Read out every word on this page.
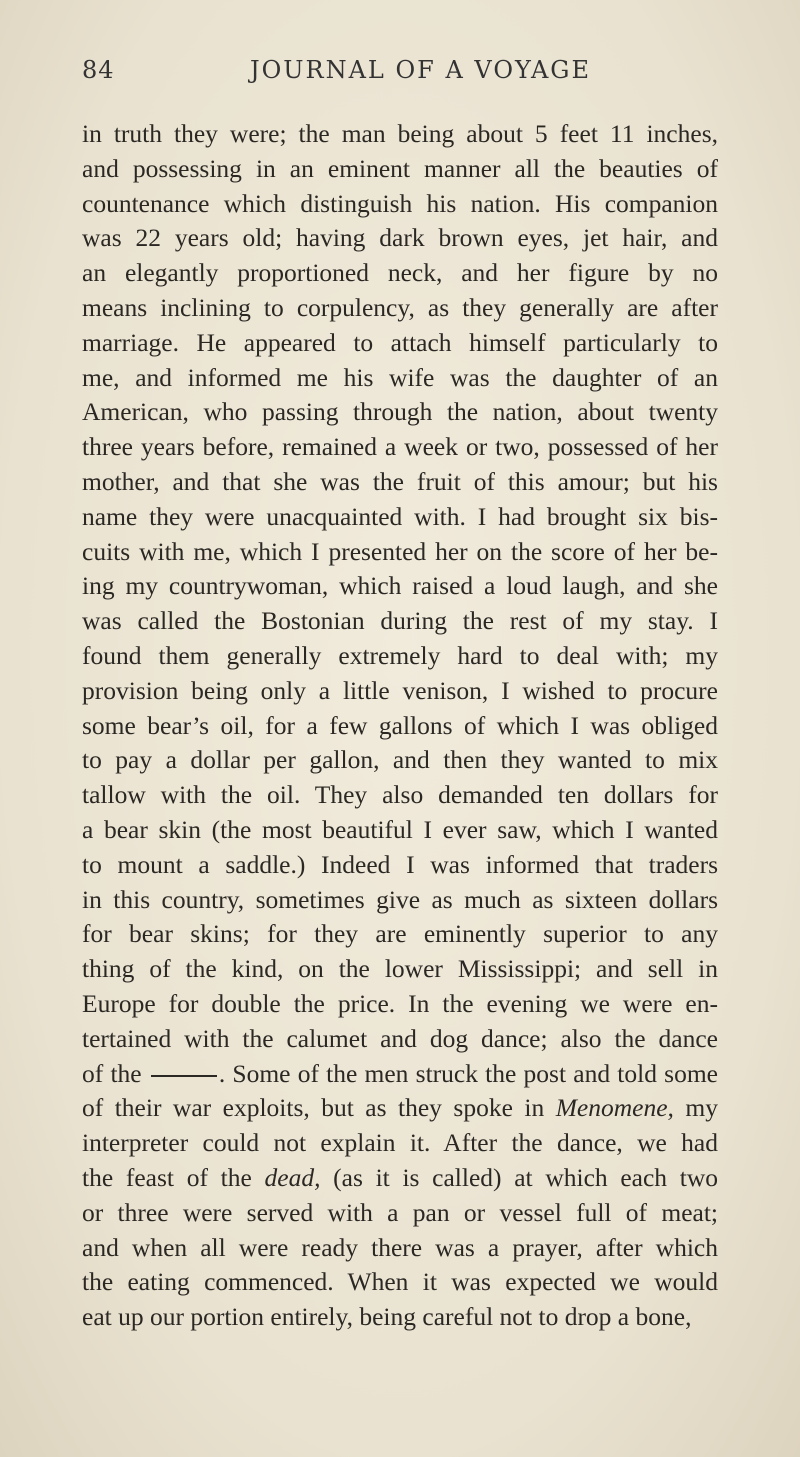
84	JOURNAL OF A VOYAGE
in truth they were; the man being about 5 feet 11 inches,
and possessing in an eminent manner all the beauties of
countenance which distinguish his nation. His companion
was 22 years old; having dark brown eyes, jet hair, and
an elegantly proportioned neck, and her figure by no
means inclining to corpulency, as they generally are after
marriage. He appeared to attach himself particularly to
me, and informed me his wife was the daughter of an
American, who passing through the nation, about twenty
three years before, remained a week or two, possessed of her
mother, and that she was the fruit of this amour; but his
name they were unacquainted with. I had brought six bis-
cuits with me, which I presented her on the score of her be-
ing my countrywoman, which raised a loud laugh, and she
was called the Bostonian during the rest of my stay. I
found them generally extremely hard to deal with; my
provision being only a little venison, I wished to procure
some bear’s oil, for a few gallons of which I was obliged
to pay a dollar per gallon, and then they wanted to mix
tallow with the oil. They also demanded ten dollars for
a bear skin (the most beautiful I ever saw, which I wanted
to mount a saddle.) Indeed I was informed that traders
in this country, sometimes give as much as sixteen dollars
for bear skins; for they are eminently superior to any
thing of the kind, on the lower Mississippi; and sell in
Europe for double the price. In the evening we were en-
tertained with the calumet and dog dance; also the dance
of the	. Some of the men struck the post and told some
of their war exploits, but as they spoke in Menomene, my
interpreter could not explain it. After the dance, we had
the feast of the dead, (as it is called) at which each two
or three were served with a pan or vessel full of meat;
and when all were ready there was a prayer, after which
the eating commenced. When it was expected we would
eat up our portion entirely, being careful not to drop a bone,
